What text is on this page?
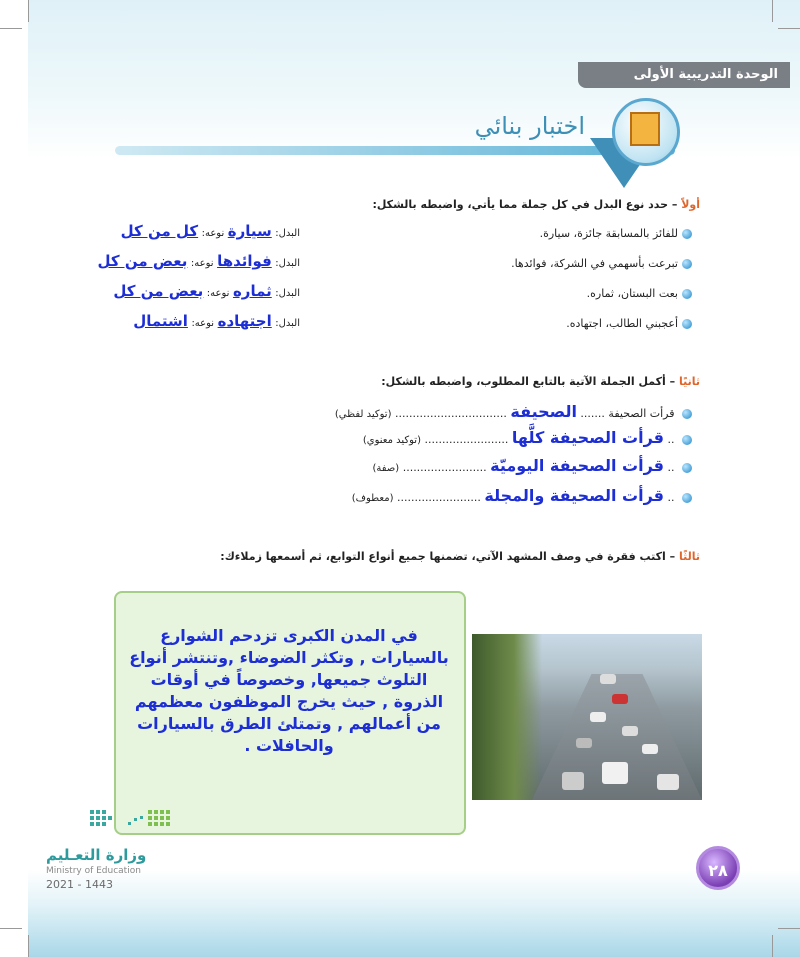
الوحدة التدريبية الأولى
اختبار بنائي
أولاً – حدد نوع البدل في كل جملة مما يأتي، واضبطه بالشكل:
للفائز بالمسابقة جائزة، سيارة.
تبرعت بأسهمي في الشركة، فوائدها.
بعت البستان، ثماره.
أعجبني الطالب، اجتهاده.
البدل: سيارة نوعه: كل من كل
البدل: فوائدها نوعه: بعض من كل
البدل: ثماره نوعه: بعض من كل
البدل: اجتهاده نوعه: اشتمال
ثانيًا – أكمل الجملة الآتية بالتابع المطلوب، واضبطه بالشكل:
قرأت الصحيفة ....... الصحيفة ................................ (توكيد لفظي)
.. قرأت الصحيفة كلَّها ........................ (توكيد معنوي)
.. قرأت الصحيفة اليوميّة ........................ (صفة)
.. قرأت الصحيفة والمجلة ........................ (معطوف)
ثالثًا – اكتب فقرة في وصف المشهد الآتي، تضمنها جميع أنواع التوابع، ثم أسمعها زملاءك:
في المدن الكبرى تزدحم الشوارع بالسيارات , وتكثر الضوضاء ,وتنتشر أنواع التلوث جميعها, وخصوصاً في أوقات الذروة , حيث يخرج الموظفون معظمهم من أعمالهم , وتمتلئ الطرق بالسيارات والحافلات .
وزارة التعـليم
Ministry of Education
2021 - 1443
٢٨
